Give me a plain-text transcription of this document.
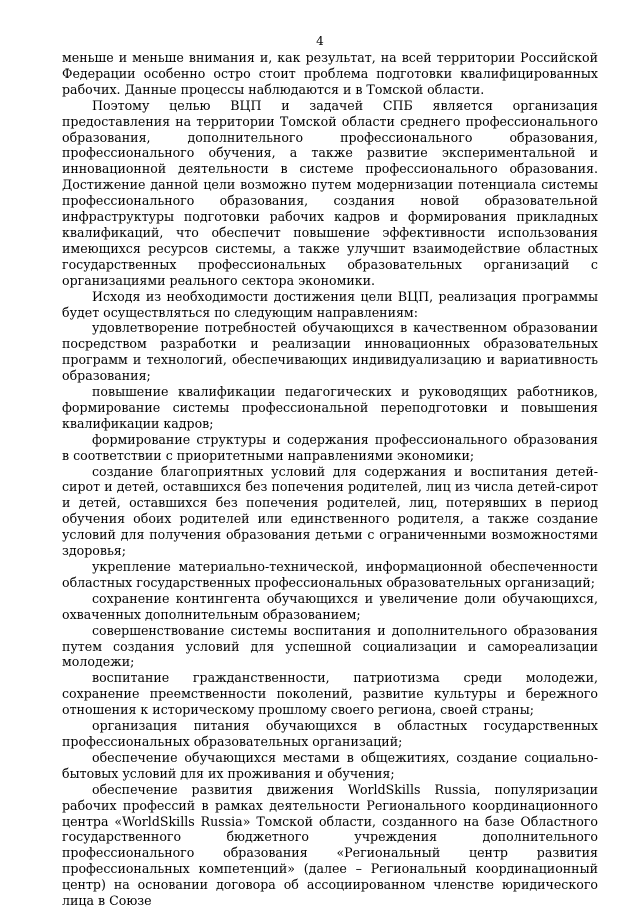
4

меньше и меньше внимания и, как результат, на всей территории Российской Федерации особенно остро стоит проблема подготовки квалифицированных рабочих. Данные процессы наблюдаются и в Томской области.

Поэтому целью ВЦП и задачей СПБ является организация предоставления на территории Томской области среднего профессионального образования, дополнительного профессионального образования, профессионального обучения, а также развитие экспериментальной и инновационной деятельности в системе профессионального образования. Достижение данной цели возможно путем модернизации потенциала системы профессионального образования, создания новой образовательной инфраструктуры подготовки рабочих кадров и формирования прикладных квалификаций, что обеспечит повышение эффективности использования имеющихся ресурсов системы, а также улучшит взаимодействие областных государственных профессиональных образовательных организаций с организациями реального сектора экономики.

Исходя из необходимости достижения цели ВЦП, реализация программы будет осуществляться по следующим направлениям:

удовлетворение потребностей обучающихся в качественном образовании посредством разработки и реализации инновационных образовательных программ и технологий, обеспечивающих индивидуализацию и вариативность образования;

повышение квалификации педагогических и руководящих работников, формирование системы профессиональной переподготовки и повышения квалификации кадров;

формирование структуры и содержания профессионального образования в соответствии с приоритетными направлениями экономики;

создание благоприятных условий для содержания и воспитания детей-сирот и детей, оставшихся без попечения родителей, лиц из числа детей-сирот и детей, оставшихся без попечения родителей, лиц, потерявших в период обучения обоих родителей или единственного родителя, а также создание условий для получения образования детьми с ограниченными возможностями здоровья;

укрепление материально-технической, информационной обеспеченности областных государственных профессиональных образовательных организаций;

сохранение контингента обучающихся и увеличение доли обучающихся, охваченных дополнительным образованием;

совершенствование системы воспитания и дополнительного образования путем создания условий для успешной социализации и самореализации молодежи;

воспитание гражданственности, патриотизма среди молодежи, сохранение преемственности поколений, развитие культуры и бережного отношения к историческому прошлому своего региона, своей страны;

организация питания обучающихся в областных государственных профессиональных образовательных организаций;

обеспечение обучающихся местами в общежитиях, создание социально-бытовых условий для их проживания и обучения;

обеспечение развития движения WorldSkills Russia, популяризации рабочих профессий в рамках деятельности Регионального координационного центра «WorldSkills Russia» Томской области, созданного на базе Областного государственного бюджетного учреждения дополнительного профессионального образования «Региональный центр развития профессиональных компетенций» (далее – Региональный координационный центр) на основании договора об ассоциированном членстве юридического лица в Союзе
